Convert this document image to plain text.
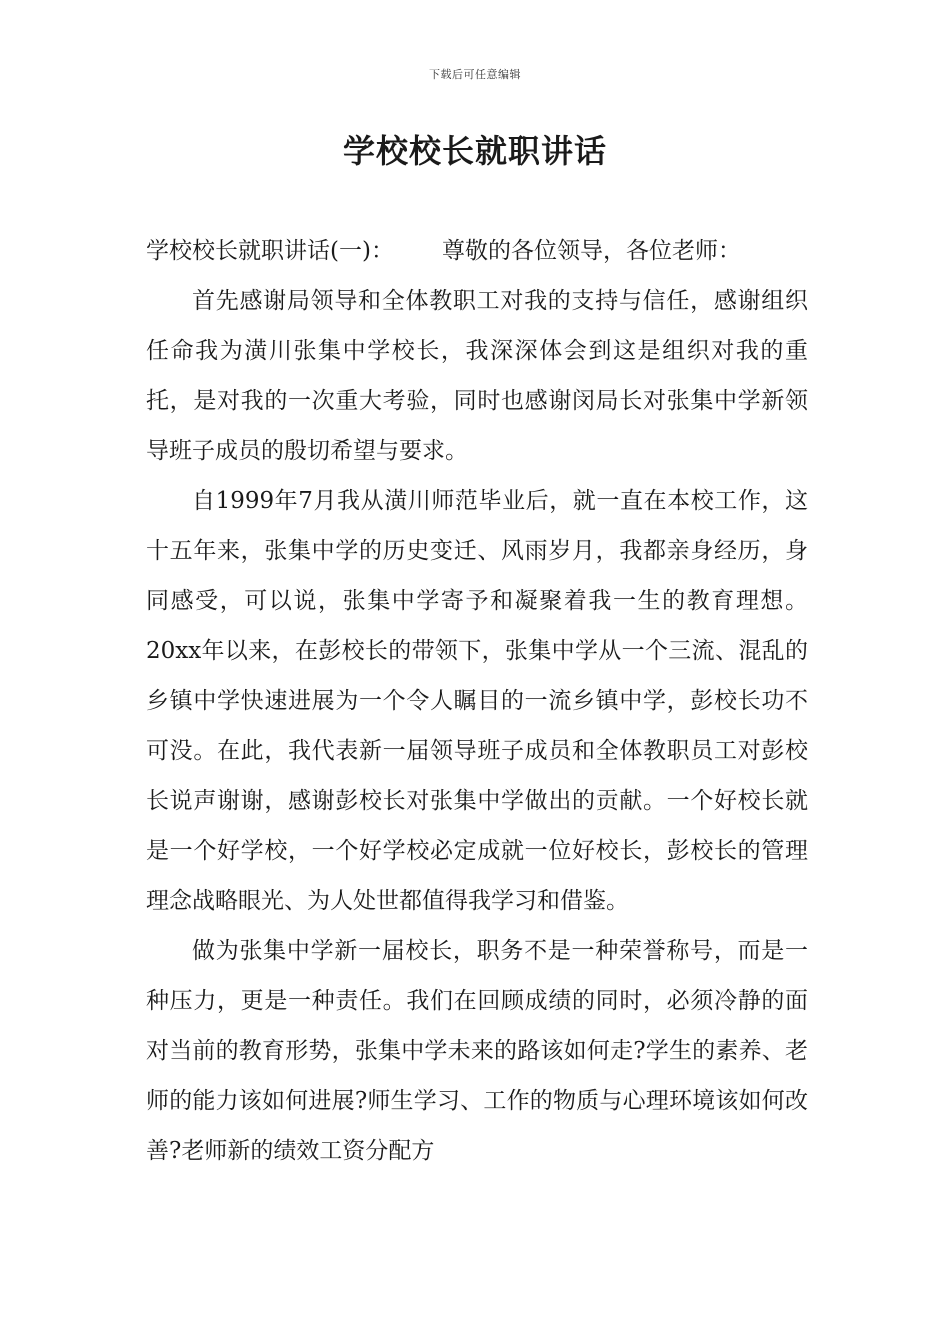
下载后可任意编辑
学校校长就职讲话

学校校长就职讲话(一)： 尊敬的各位领导，各位老师：

首先感谢局领导和全体教职工对我的支持与信任，感谢组织任命我为潢川张集中学校长，我深深体会到这是组织对我的重托，是对我的一次重大考验，同时也感谢闵局长对张集中学新领导班子成员的殷切希望与要求。

自1999年7月我从潢川师范毕业后，就一直在本校工作，这十五年来，张集中学的历史变迁、风雨岁月，我都亲身经历，身同感受，可以说，张集中学寄予和凝聚着我一生的教育理想。20xx年以来，在彭校长的带领下，张集中学从一个三流、混乱的乡镇中学快速进展为一个令人瞩目的一流乡镇中学，彭校长功不可没。在此，我代表新一届领导班子成员和全体教职员工对彭校长说声谢谢，感谢彭校长对张集中学做出的贡献。一个好校长就是一个好学校，一个好学校必定成就一位好校长，彭校长的管理理念战略眼光、为人处世都值得我学习和借鉴。

做为张集中学新一届校长，职务不是一种荣誉称号，而是一种压力，更是一种责任。我们在回顾成绩的同时，必须冷静的面对当前的教育形势，张集中学未来的路该如何走?学生的素养、老师的能力该如何进展?师生学习、工作的物质与心理环境该如何改善?老师新的绩效工资分配方
